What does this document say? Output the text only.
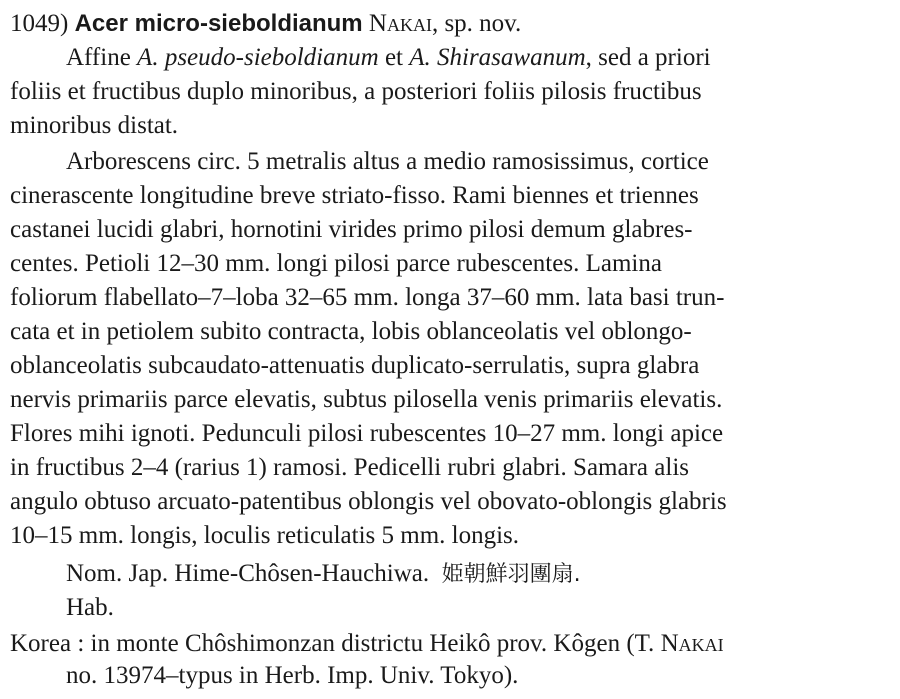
1049) Acer micro-sieboldianum Nakai, sp. nov.
Affine A. pseudo-sieboldianum et A. Shirasawanum, sed a priori
foliis et fructibus duplo minoribus, a posteriori foliis pilosis fructibus
minoribus distat.
Arborescens circ. 5 metralis altus a medio ramosissimus, cortice
cinerascente longitudine breve striato-fisso. Rami biennes et triennes
castanei lucidi glabri, hornotini virides primo pilosi demum glabres-
centes. Petioli 12–30 mm. longi pilosi parce rubescentes. Lamina
foliorum flabellato–7–loba 32–65 mm. longa 37–60 mm. lata basi trun-
cata et in petiolem subito contracta, lobis oblanceolatis vel oblongo-
oblanceolatis subcaudato-attenuatis duplicato-serrulatis, supra glabra
nervis primariis parce elevatis, subtus pilosella venis primariis elevatis.
Flores mihi ignoti. Pedunculi pilosi rubescentes 10–27 mm. longi apice
in fructibus 2–4 (rarius 1) ramosi. Pedicelli rubri glabri. Samara alis
angulo obtuso arcuato-patentibus oblongis vel obovato-oblongis glabris
10–15 mm. longis, loculis reticulatis 5 mm. longis.
Nom. Jap. Hime-Chôsen-Hauchiwa. 姫朝鮮羽團扇.
Hab.
Korea : in monte Chôshimonzan districtu Heikô prov. Kôgen (T. Nakai
no. 13974–typus in Herb. Imp. Univ. Tokyo).
